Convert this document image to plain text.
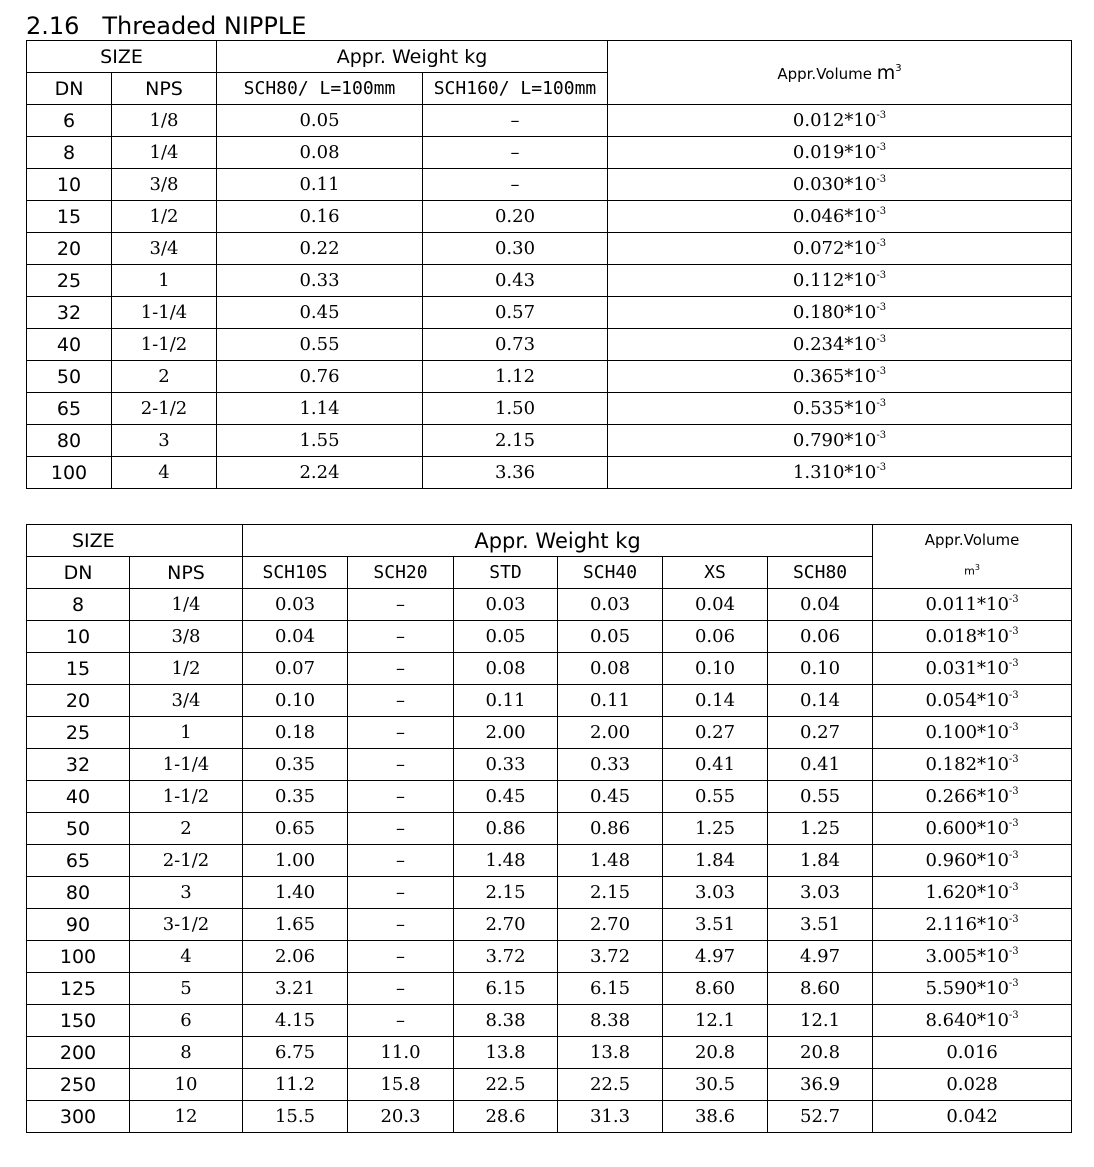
2.16   Threaded NIPPLE
SIZE		Appr. Weight kg		Appr.Volume $m^3$
DN	NPS	SCH80/ L=100mm	SCH160/ L=100mm	
6	1/8	0.05	–	$0.012*10^{-3}$
8	1/4	0.08	–	$0.019*10^{-3}$
10	3/8	0.11	–	$0.030*10^{-3}$
15	1/2	0.16	0.20	$0.046*10^{-3}$
20	3/4	0.22	0.30	$0.072*10^{-3}$
25	1	0.33	0.43	$0.112*10^{-3}$
32	1-1/4	0.45	0.57	$0.180*10^{-3}$
40	1-1/2	0.55	0.73	$0.234*10^{-3}$
50	2	0.76	1.12	$0.365*10^{-3}$
65	2-1/2	1.14	1.50	$0.535*10^{-3}$
80	3	1.55	2.15	$0.790*10^{-3}$
100	4	2.24	3.36	$1.310*10^{-3}$
SIZE		Appr. Weight kg						Appr.Volume
$m^3$

DN	NPS	SCH10S	SCH20	STD	SCH40	XS	SCH80	
8	1/4	0.03	–	0.03	0.03	0.04	0.04	$0.011*10^{-3}$
10	3/8	0.04	–	0.05	0.05	0.06	0.06	$0.018*10^{-3}$
15	1/2	0.07	–	0.08	0.08	0.10	0.10	$0.031*10^{-3}$
20	3/4	0.10	–	0.11	0.11	0.14	0.14	$0.054*10^{-3}$
25	1	0.18	–	2.00	2.00	0.27	0.27	$0.100*10^{-3}$
32	1-1/4	0.35	–	0.33	0.33	0.41	0.41	$0.182*10^{-3}$
40	1-1/2	0.35	–	0.45	0.45	0.55	0.55	$0.266*10^{-3}$
50	2	0.65	–	0.86	0.86	1.25	1.25	$0.600*10^{-3}$
65	2-1/2	1.00	–	1.48	1.48	1.84	1.84	$0.960*10^{-3}$
80	3	1.40	–	2.15	2.15	3.03	3.03	$1.620*10^{-3}$
90	3-1/2	1.65	–	2.70	2.70	3.51	3.51	$2.116*10^{-3}$
100	4	2.06	–	3.72	3.72	4.97	4.97	$3.005*10^{-3}$
125	5	3.21	–	6.15	6.15	8.60	8.60	$5.590*10^{-3}$
150	6	4.15	–	8.38	8.38	12.1	12.1	$8.640*10^{-3}$
200	8	6.75	11.0	13.8	13.8	20.8	20.8	0.016
250	10	11.2	15.8	22.5	22.5	30.5	36.9	0.028
300	12	15.5	20.3	28.6	31.3	38.6	52.7	0.042
